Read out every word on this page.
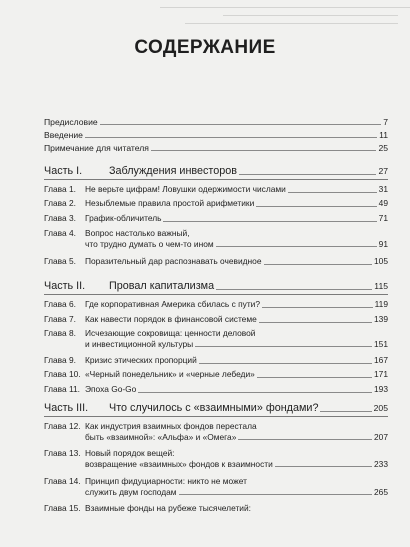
СОДЕРЖАНИЕ
Предисловие	7
Введение	11
Примечание для читателя	25
Часть I.	Заблуждения инвесторов	27
Глава 1.	Не верьте цифрам! Ловушки одержимости числами	31
Глава 2.	Незыблемые правила простой арифметики	49
Глава 3.	График-обличитель	71
Глава 4.	Вопрос настолько важный,
что трудно думать о чем-то ином	91
Глава 5.	Поразительный дар распознавать очевидное	105
Часть II.	Провал капитализма	115
Глава 6.	Где корпоративная Америка сбилась с пути?	119
Глава 7.	Как навести порядок в финансовой системе	139
Глава 8.	Исчезающие сокровища: ценности деловой
и инвестиционной культуры	151
Глава 9.	Кризис этических пропорций	167
Глава 10. «Черный понедельник» и «черные лебеди»	171
Глава 11. Эпоха Go-Go	193
Часть III.	Что случилось с «взаимными» фондами?	205
Глава 12. Как индустрия взаимных фондов перестала
быть «взаимной»: «Альфа» и «Омега»	207
Глава 13. Новый порядок вещей:
возвращение «взаимных» фондов к взаимности	233
Глава 14. Принцип фидуциарности: никто не может
служить двум господам	265
Глава 15. Взаимные фонды на рубеже тысячелетий:
